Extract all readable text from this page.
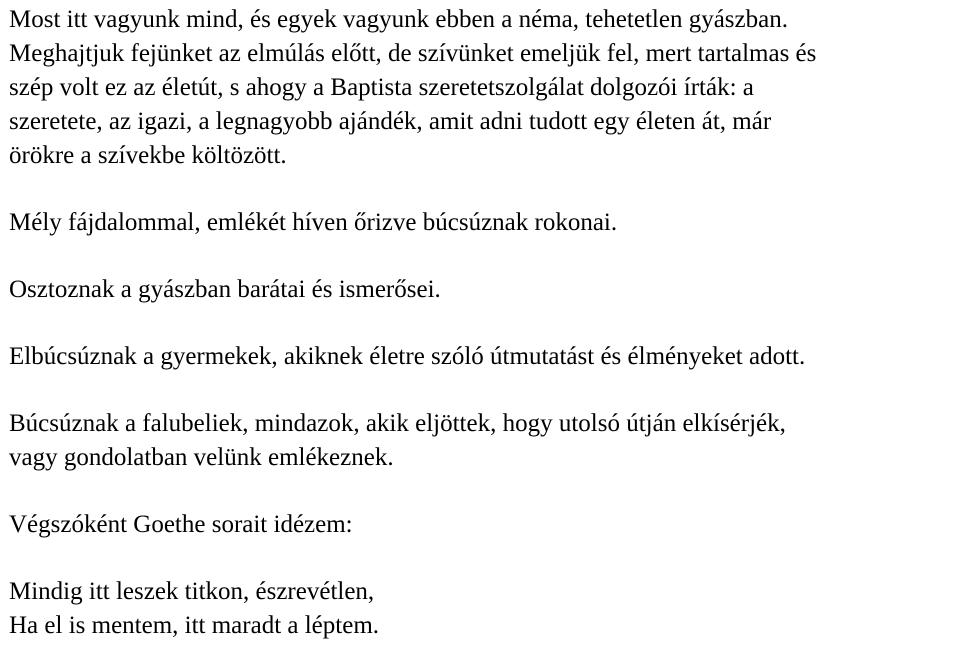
Most itt vagyunk mind, és egyek vagyunk ebben a néma, tehetetlen gyászban.
Meghajtjuk fejünket az elmúlás előtt, de szívünket emeljük fel, mert tartalmas és
szép volt ez az életút, s ahogy a Baptista szeretetszolgálat dolgozói írták: a
szeretete, az igazi, a legnagyobb ajándék, amit adni tudott egy életen át, már
örökre a szívekbe költözött.

Mély fájdalommal, emlékét híven őrizve búcsúznak rokonai.

Osztoznak a gyászban barátai és ismerősei.

Elbúcsúznak a gyermekek, akiknek életre szóló útmutatást és élményeket adott.

Búcsúznak a falubeliek, mindazok, akik eljöttek, hogy utolsó útján elkísérjék,
vagy gondolatban velünk emlékeznek.

Végszóként Goethe sorait idézem:

Mindig itt leszek titkon, észrevétlen,
Ha el is mentem, itt maradt a léptem.
